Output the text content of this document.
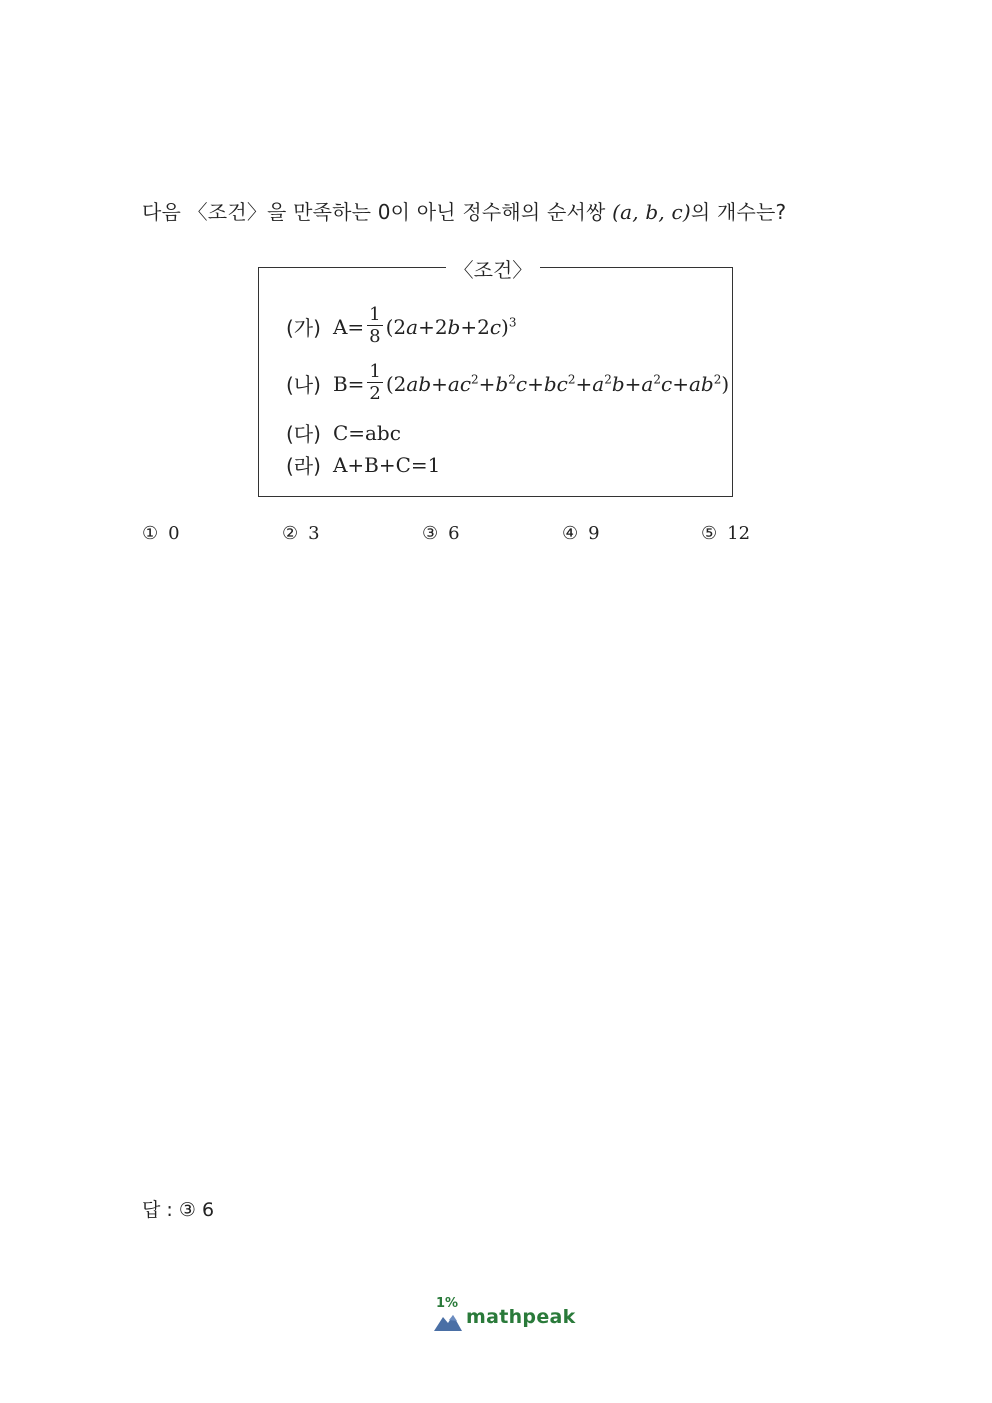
다음 〈조건〉을 만족하는 0이 아닌 정수해의 순서쌍 (a, b, c)의 개수는?
〈조건〉
(가) $A= \frac{1}{8} (2a+2b+2c)^3$
(나) $B= \frac{1}{2} (2ab+ac^2+b^2c+bc^2+a^2b+a^2c+ab^2)$
(다) C=abc
(라) A+B+C=1
① 0	② 3	③ 6	④ 9	⑤ 12
답 : ③ 6
1%
mathpeak
